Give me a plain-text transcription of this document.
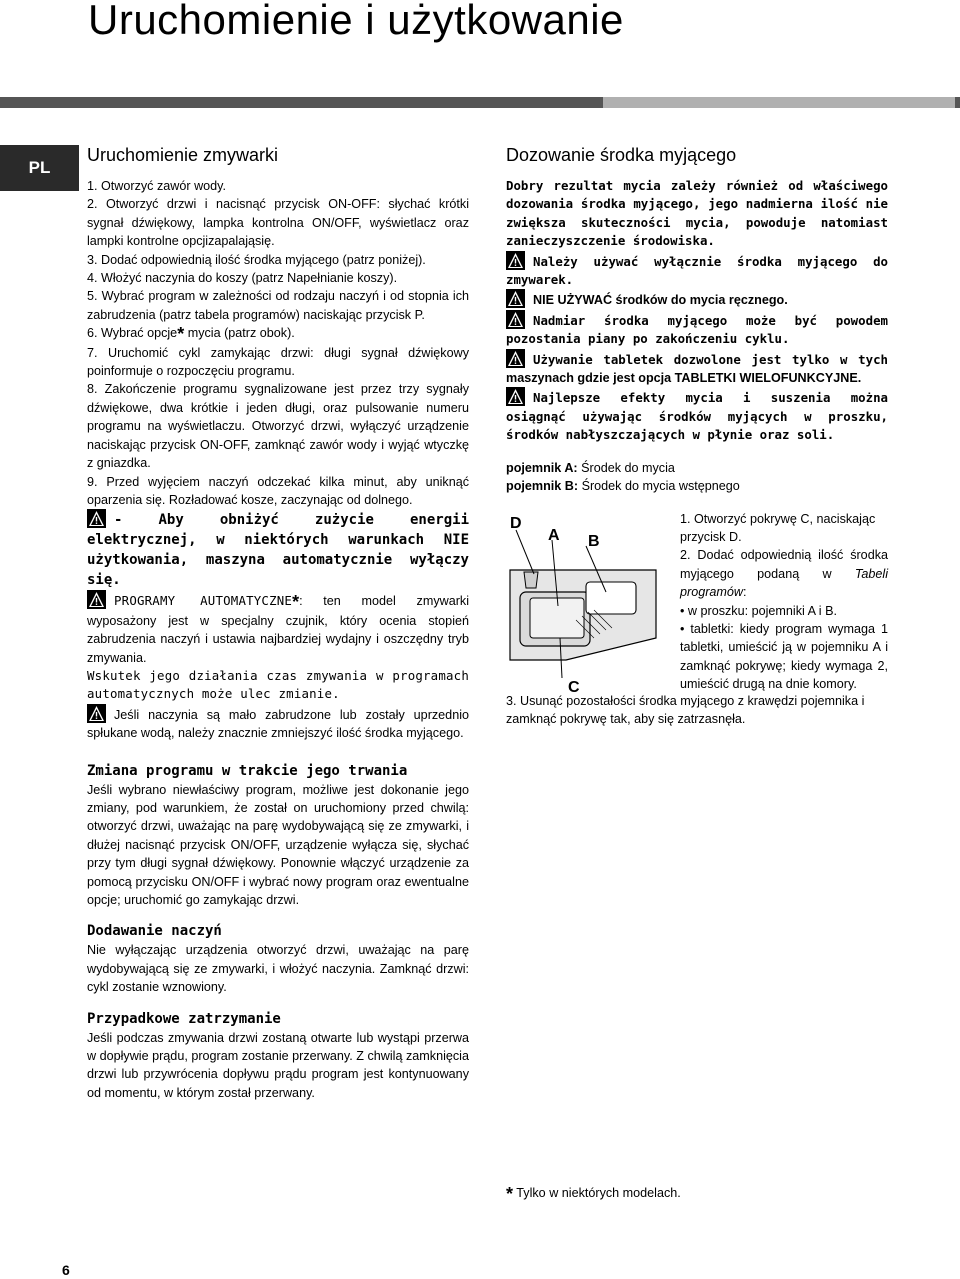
Uruchomienie i użytkowanie
PL
Uruchomienie zmywarki

1. Otworzyć zawór wody.

2. Otworzyć drzwi i nacisnąć przycisk ON-OFF: słychać krótki sygnał dźwiękowy, lampka kontrolna ON/OFF, wyświetlacz oraz lampki kontrolne opcjizapalająsię.

3. Dodać odpowiednią ilość środka myjącego (patrz poniżej).

4. Włożyć naczynia do koszy (patrz Napełnianie koszy).

5. Wybrać program w zależności od rodzaju naczyń i od stopnia ich zabrudzenia (patrz tabela programów) naciskając przycisk P.

6. Wybrać opcje* mycia (patrz obok).

7. Uruchomić cykl zamykając drzwi: długi sygnał dźwiękowy poinformuje o rozpoczęciu programu.

8. Zakończenie programu sygnalizowane jest przez trzy sygnały dźwiękowe, dwa krótkie i jeden długi, oraz pulsowanie numeru programu na wyświetlaczu. Otworzyć drzwi, wyłączyć urządzenie naciskając przycisk ON-OFF, zamknąć zawór wody i wyjąć wtyczkę z gniazdka.

9. Przed wyjęciem naczyń odczekać kilka minut, aby uniknąć oparzenia się. Rozładować kosze, zaczynając od dolnego.

- Aby obniżyć zużycie energii elektrycznej, w niektórych warunkach NIE użytkowania, maszyna automatycznie wyłączy się.

PROGRAMY AUTOMATYCZNE*: ten model zmywarki wyposażony jest w specjalny czujnik, który ocenia stopień zabrudzenia naczyń i ustawia najbardziej wydajny i oszczędny tryb zmywania.

Wskutek jego działania czas zmywania w programach automatycznych może ulec zmianie.

Jeśli naczynia są mało zabrudzone lub zostały uprzednio spłukane wodą, należy znacznie zmniejszyć ilość środka myjącego.

Zmiana programu w trakcie jego trwania

Jeśli wybrano niewłaściwy program, możliwe jest dokonanie jego zmiany, pod warunkiem, że został on uruchomiony przed chwilą: otworzyć drzwi, uważając na parę wydobywającą się ze zmywarki, i dłużej nacisnąć przycisk ON/OFF, urządzenie wyłącza się, słychać przy tym długi sygnał dźwiękowy. Ponownie włączyć urządzenie za pomocą przycisku ON/OFF i wybrać nowy program oraz ewentualne opcje; uruchomić go zamykając drzwi.

Dodawanie naczyń

Nie wyłączając urządzenia otworzyć drzwi, uważając na parę wydobywającą się ze zmywarki, i włożyć naczynia. Zamknąć drzwi: cykl zostanie wznowiony.

Przypadkowe zatrzymanie

Jeśli podczas zmywania drzwi zostaną otwarte lub wystąpi przerwa w dopływie prądu, program zostanie przerwany. Z chwilą zamknięcia drzwi lub przywrócenia dopływu prądu program jest kontynuowany od momentu, w którym został przerwany.

Dozowanie środka myjącego

Dobry rezultat mycia zależy również od właściwego dozowania środka myjącego, jego nadmierna ilość nie zwiększa skuteczności mycia, powoduje natomiast zanieczyszczenie środowiska.

Należy używać wyłącznie środka myjącego do zmywarek.

NIE UŻYWAĆ środków do mycia ręcznego.

Nadmiar środka myjącego może być powodem pozostania piany po zakończeniu cyklu.

Używanie tabletek dozwolone jest tylko w tych maszynach gdzie jest opcja TABLETKI WIELOFUNKCYJNE.

Najlepsze efekty mycia i suszenia można osiągnąć używając środków myjących w proszku, środków nabłyszczających w płynie oraz soli.

pojemnik A: Środek do mycia

pojemnik B: Środek do mycia wstępnego

D
A B
C

1. Otworzyć pokrywę C, naciskając przycisk D.

2. Dodać odpowiednią ilość środka myjącego podaną w Tabeli programów:

• w proszku: pojemniki A i B.

• tabletki: kiedy program wymaga 1 tabletki, umieścić ją w pojemniku A i zamknąć pokrywę; kiedy wymaga 2, umieścić drugą na dnie komory.

3. Usunąć pozostałości środka myjącego z krawędzi pojemnika i zamknąć pokrywę tak, aby się zatrzasnęła.

* Tylko w niektórych modelach.
6
